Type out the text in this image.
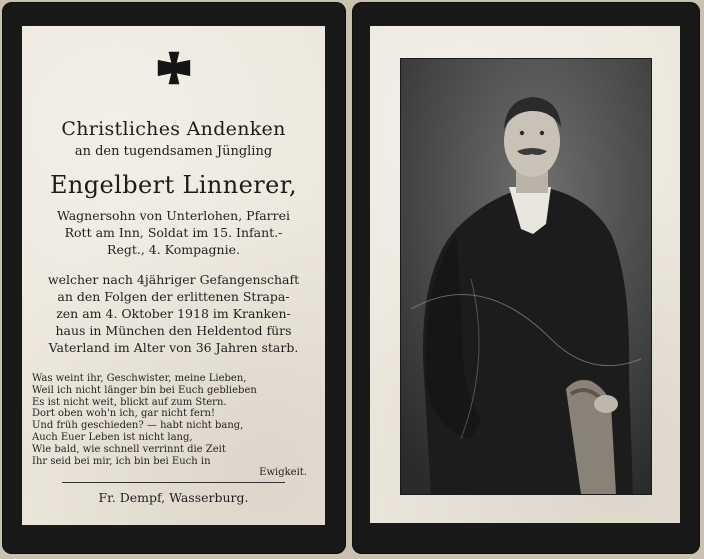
Christliches Andenken
an den tugendsamen Jüngling
Engelbert Linnerer,
Wagnersohn von Unterlohen, Pfarrei
Rott am Inn, Soldat im 15. Infant.-
Regt., 4. Kompagnie.
welcher nach 4jähriger Gefangenschaft
an den Folgen der erlittenen Strapa-
zen am 4. Oktober 1918 im Kranken-
haus in München den Heldentod fürs
Vaterland im Alter von 36 Jahren starb.
Was weint ihr, Geschwister, meine Lieben,
Weil ich nicht länger bin bei Euch geblieben
Es ist nicht weit, blickt auf zum Stern.
Dort oben woh'n ich, gar nicht fern!
Und früh geschieden? — habt nicht bang,
Auch Euer Leben ist nicht lang,
Wie bald, wie schnell verrinnt die Zeit
Ihr seid bei mir, ich bin bei Euch in
Ewigkeit.
Fr. Dempf, Wasserburg.
